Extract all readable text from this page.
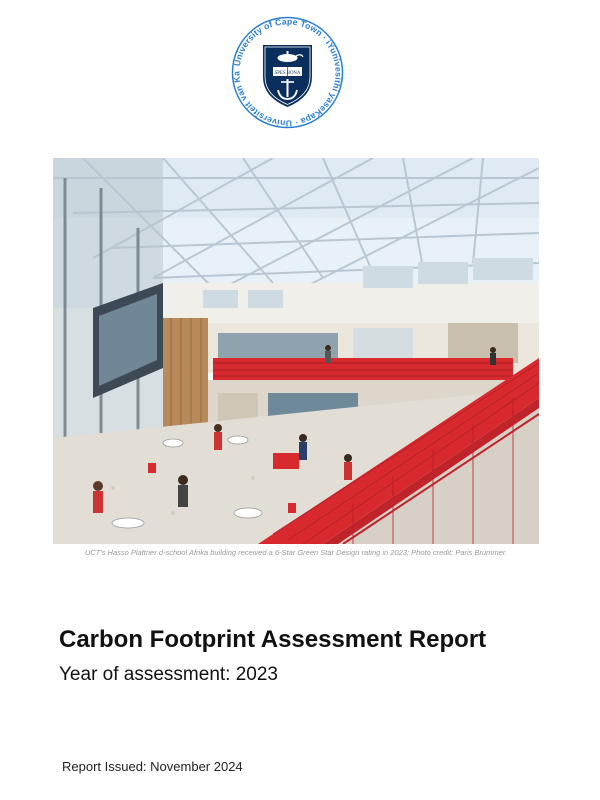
University of Cape Town · iYunivesithi yaseKapa · Universiteit van Ka	SPES BONA
UCT's Hasso Plattner d-school Afrika building received a 6-Star Green Star Design rating in 2023; Photo credit: Paris Brummer.
Carbon Footprint Assessment Report
Year of assessment: 2023
Report Issued: November 2024
